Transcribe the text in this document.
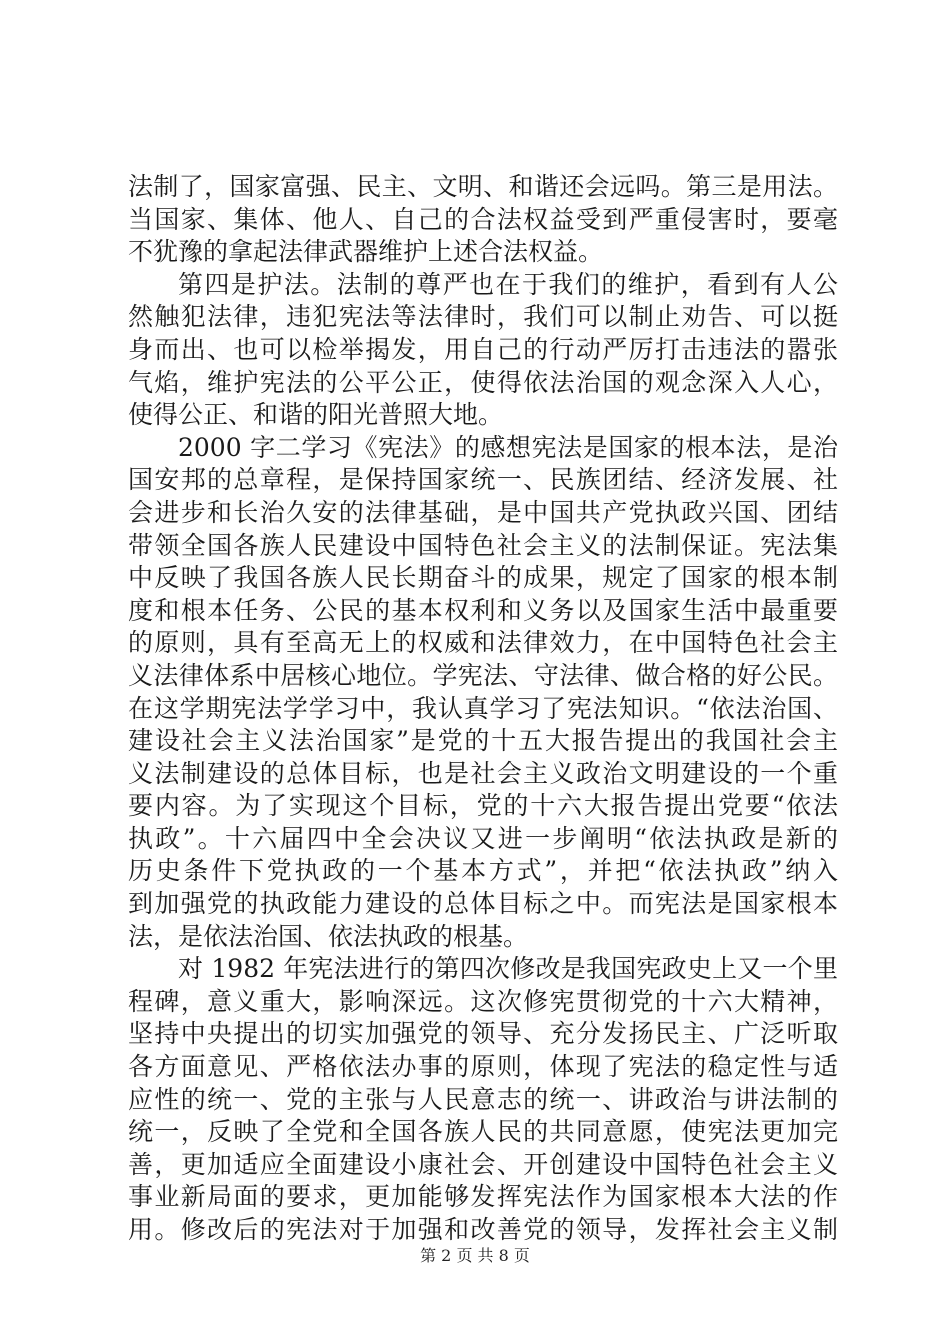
法制了，国家富强、民主、文明、和谐还会远吗。第三是用法。
当国家、集体、他人、自己的合法权益受到严重侵害时，要毫
不犹豫的拿起法律武器维护上述合法权益。
第四是护法。法制的尊严也在于我们的维护，看到有人公
然触犯法律，违犯宪法等法律时，我们可以制止劝告、可以挺
身而出、也可以检举揭发，用自己的行动严厉打击违法的嚣张
气焰，维护宪法的公平公正，使得依法治国的观念深入人心，
使得公正、和谐的阳光普照大地。
2000 字二学习《宪法》的感想宪法是国家的根本法，是治
国安邦的总章程，是保持国家统一、民族团结、经济发展、社
会进步和长治久安的法律基础，是中国共产党执政兴国、团结
带领全国各族人民建设中国特色社会主义的法制保证。宪法集
中反映了我国各族人民长期奋斗的成果，规定了国家的根本制
度和根本任务、公民的基本权利和义务以及国家生活中最重要
的原则，具有至高无上的权威和法律效力，在中国特色社会主
义法律体系中居核心地位。学宪法、守法律、做合格的好公民。
在这学期宪法学学习中，我认真学习了宪法知识。“依法治国、
建设社会主义法治国家”是党的十五大报告提出的我国社会主
义法制建设的总体目标，也是社会主义政治文明建设的一个重
要内容。为了实现这个目标，党的十六大报告提出党要“依法
执政”。十六届四中全会决议又进一步阐明“依法执政是新的
历史条件下党执政的一个基本方式”，并把“依法执政”纳入
到加强党的执政能力建设的总体目标之中。而宪法是国家根本
法，是依法治国、依法执政的根基。
对 1982 年宪法进行的第四次修改是我国宪政史上又一个里
程碑，意义重大，影响深远。这次修宪贯彻党的十六大精神，
坚持中央提出的切实加强党的领导、充分发扬民主、广泛听取
各方面意见、严格依法办事的原则，体现了宪法的稳定性与适
应性的统一、党的主张与人民意志的统一、讲政治与讲法制的
统一，反映了全党和全国各族人民的共同意愿，使宪法更加完
善，更加适应全面建设小康社会、开创建设中国特色社会主义
事业新局面的要求，更加能够发挥宪法作为国家根本大法的作
用。修改后的宪法对于加强和改善党的领导，发挥社会主义制
第 2 页 共 8 页
